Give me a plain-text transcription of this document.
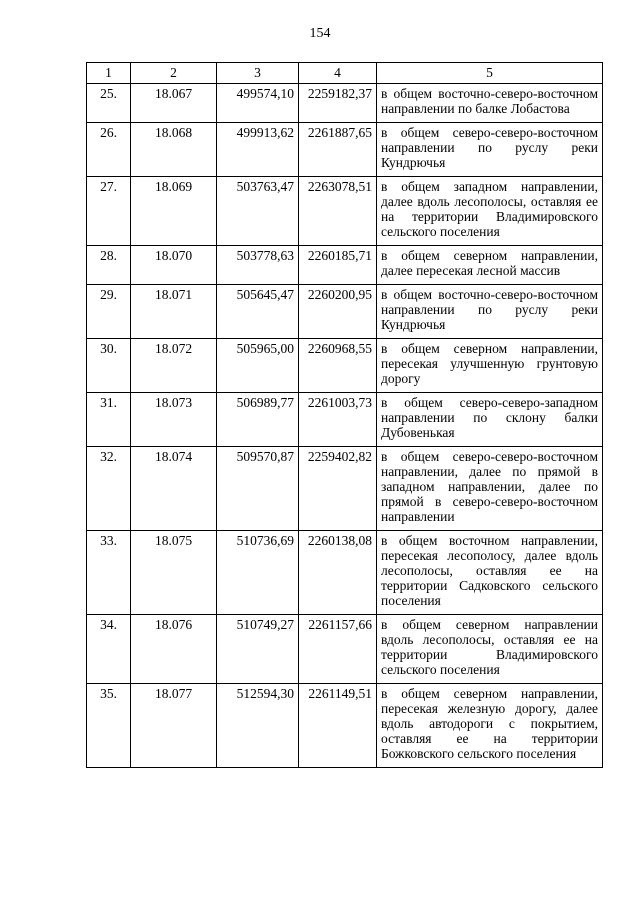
154
1	2	3	4	5
25.	18.067	499574,10	2259182,37	в общем восточно-северо-восточном направлении по балке Лобастова
26.	18.068	499913,62	2261887,65	в общем северо-северо-восточном направлении по руслу реки Кундрючья
27.	18.069	503763,47	2263078,51	в общем западном направлении, далее вдоль лесополосы, оставляя ее на территории Владимировского сельского поселения
28.	18.070	503778,63	2260185,71	в общем северном направлении, далее пересекая лесной массив
29.	18.071	505645,47	2260200,95	в общем восточно-северо-восточном направлении по руслу реки Кундрючья
30.	18.072	505965,00	2260968,55	в общем северном направлении, пересекая улучшенную грунтовую дорогу
31.	18.073	506989,77	2261003,73	в общем северо-северо-западном направлении по склону балки Дубовенькая
32.	18.074	509570,87	2259402,82	в общем северо-северо-восточном направлении, далее по прямой в западном направлении, далее по прямой в северо-северо-восточном направлении
33.	18.075	510736,69	2260138,08	в общем восточном направлении, пересекая лесополосу, далее вдоль лесополосы, оставляя ее на территории Садковского сельского поселения
34.	18.076	510749,27	2261157,66	в общем северном направлении вдоль лесополосы, оставляя ее на территории Владимировского сельского поселения
35.	18.077	512594,30	2261149,51	в общем северном направлении, пересекая железную дорогу, далее вдоль автодороги с покрытием, оставляя ее на территории Божковского сельского поселения
